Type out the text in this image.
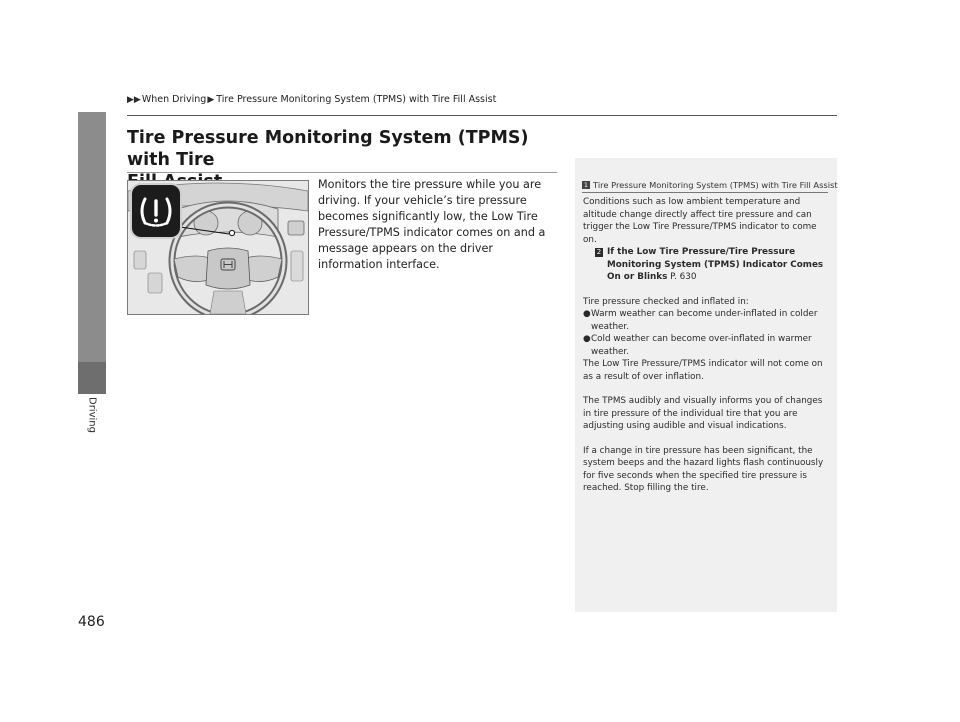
▶▶ When Driving ▶ Tire Pressure Monitoring System (TPMS) with Tire Fill Assist
Driving
Tire Pressure Monitoring System (TPMS) with Tire
Monitors the tire pressure while you are driving. If your vehicle’s tire pressure becomes significantly low, the Low Tire Pressure/TPMS indicator comes on and a message appears on the driver information interface.
1 Tire Pressure Monitoring System (TPMS) with Tire Fill Assist

Conditions such as low ambient temperature and altitude change directly affect tire pressure and can trigger the Low Tire Pressure/TPMS indicator to come on.

2 If the Low Tire Pressure/Tire Pressure Monitoring System (TPMS) Indicator Comes On or Blinks P. 630

Tire pressure checked and inflated in:

● Warm weather can become under-inflated in colder weather.
● Cold weather can become over-inflated in warmer weather.

The Low Tire Pressure/TPMS indicator will not come on as a result of over inflation.

The TPMS audibly and visually informs you of changes in tire pressure of the individual tire that you are adjusting using audible and visual indications.

If a change in tire pressure has been significant, the system beeps and the hazard lights flash continuously for five seconds when the specified tire pressure is reached. Stop filling the tire.

486
